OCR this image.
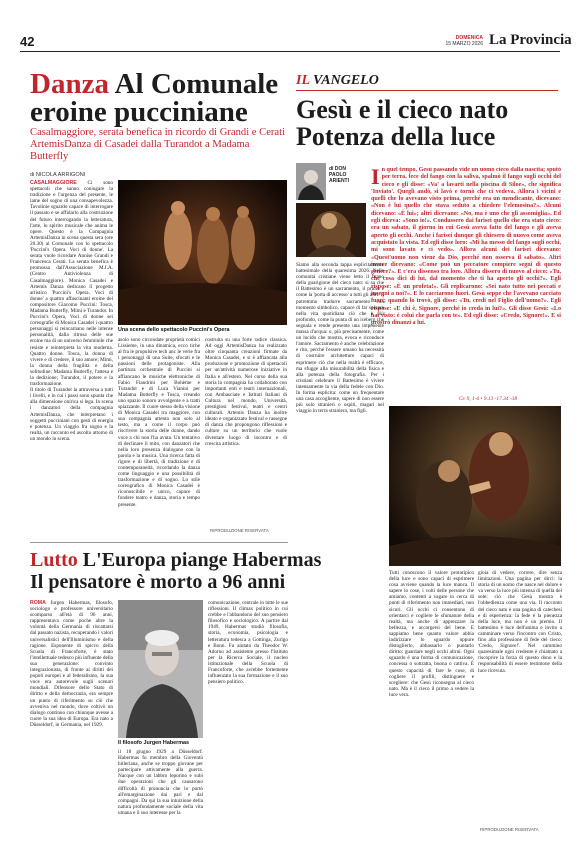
42	DOMENICA
15 MARZO 2026 La Provincia
Danza Al Comunale
eroine pucciniane
Casalmaggiore, serata benefica in ricordo di Grandi e Cerati ArtemisDanza di Casadei dalla Turandot a Madama Butterfly
di NICOLA ARRIGONI
CASALMAGGIORE Ci sono spettacoli che sanno coniugare la tradizione e l'urgenza del presente, le lame del sogno di una consapevolezza. Tavolinie sguardo capace di interrogare il passato e se affidarlo alla costruzione del futuro interrogando la letteratura, l'arte, lo spirito musicale che anima le opere. Questo è la Compagnia ArtemisDanza in scena questa sera (ore 20.30) al Comunale con lo spettacolo 'Puccini's Opera. Voci di donne'. La serata vuole ricordare Annise Grandi e Francesca Cerati. La serata benefica è promossa dall'Associazione M.I.A. (Centro Antiviolenza di Casalmaggiore). Monica Casadei e Artemis Danza dedicano il progetto artistico 'Puccini's Opera. Voci di donne' a quattro affascinanti eroine del compositore Giacomo Puccini: Tosca, Madama Butterfly, Mimì e Turandot. In Puccini's Opera, Voci di donne sei coreografie di Monica Casadei i quattro personaggi si reincarnano nelle intense personalità, dalla ritrosa delle sue eroine ma di un universo femminile che resiste e reinterpreta la vita moderna. Quattro donne. Tosca, la donna di vivere e di credere, il suo amore; Mimì, la donna della fragilità e della solitudine; Madama Butterfly, l'attesa e la dedizione; Turandot, il potere e la trasformazione.
Il titolo di Turandot la attraversa a tutti i livelli, e in cui i passi sono spunta che alla dimensione onirica si lega. In scena i danzatori della compagnia ArtemisDanza, che interpretano i soggetti pucciniani con gesti di energia e potenza. Un viaggio fra sogno e la realtà, un racconto ed ascolto attorno di un mondo in scena.
Una scena dello spettacolo Puccini's Opera
asolo sono circondate proprietà comici Lissieme, in una dinamica, ecco tiche al fra le propulsive tech anc le verie fra i personaggi di una Suite, sfocati e le passioni delle protagoniste. Alla partitura orchestrale di Puccini si affiancano le musiche elettroniche di Fabio Fiandrini per Bohème e Turandot e di Luca Vianini per Madama Butterfly e Tosca, creando uno spazio sonoro avvolgente e a tratti spiazzante. Il cuore stesso della visione di Monica Casadei tra maggiore, con sua compagnia attenta non solo al testo, ma a come il corpo può riscrivere la storia delle donne, dando voce a chi non l'ha avuta. Un tentativo di declinare il mito, con danzatori che nella loro presenza dialogano con la parola e la musica. Una ricerca fatta di rigore e di libertà, di tradizione e di contemporaneità, ricordando la danza come linguaggio e una possibilità di trasformazione e di sogno. Lo stile coreografico di Monica Casadei è riconoscibile e unico, capace di fondere teatro e danza, storia e tempo presente.
costruita su una forte radice classica. Ad oggi ArtemisDanza ha realizzato oltre cinquanta creazioni firmate da Monica Casadei, e si è affiancata alla produzione e promozione di spettacoli per un'attività numerose iniziative in Italia e all'estero. Nel corso della sua storia la compagnia ha collaborato con importanti enti e teatri internazionali, con Ambasciate e Istituti Italiani di Cultura nel mondo, Università, prestigiosi festival, teatri e centri culturali. Artemis Danza ha inoltre ideato e organizzato festival e rassegne di danza che propongono riflessioni e culture su un territorio che vuole diventare luogo di incontro e di crescita artistica.
RIPRODUZIONE RISERVATA
Lutto L'Europa piange Habermas
Il pensatore è morto a 96 anni
ROMA Jurgen Habermas, filosofo, sociologo e professore universitario scomparso all'età di 96 anni, rappresentava come poche altre la volontà della Germania di riscattarsi dal passato nazista, recuperando i valori universalistici dell'Illuminismo e della ragione. Esponente di spicco della Scuola di Francoforte, è stato l'intellettuale tedesco più influente della sua generazione: convinto integrazionista, di fronte ai diritti dei popoli europei e al federalismo, la sua voce era autorevole sugli scenari mondiali. Difensore dello Stato di diritto e della democrazia, era sempre un punto di riferimento su ciò che avveniva nel mondo, dove coltivò un dialogo continuo con chiunque avesse a cuore la sua idea di Europa. Era nato a Düsseldorf, in Germania, nel 1929.
Il filosofo Jurgen Habermas
il 18 giugno 1929 a Düsseldorf. Habermas fu membro della Gioventù hitleriana, anche se troppo giovane per partecipare attivamente alla guerra. Nacque con un labbro leporino e subì due operazioni che gli causarono difficoltà di pronuncia che lo portò all'emarginazione dai pari e dal compagni. Da qui la sua intuizione della natura profondamente sociale della vita umana e il suo interesse per la
comunicazione, centrale in tutte le sue riflessioni. Il climax politico in cui crebbe e l'abbandono del suo pensiero filosofico e sociologico. A partire dal 1949, Habermas studiò filosofia, storia, economia, psicologia e letteratura tedesca a Gottinga, Zurigo e Bonn. Fu aiutato da Theodor W. Adorno ad assistente presso l'Istituto per la Ricerca Sociale, il nucleo istituzionale della Scuola di Francoforte, che avrebbe fortemente influenzato la sua formazione e il suo pensiero politico.
IL VANGELO
Gesù e il cieco nato Potenza della luce
di DON PAOLO ARIENTI	In quel tempo, Gesù passando vide un uomo cieco dalla nascita; sputò per terra, fece del fango con la saliva, spalmò il fango sugli occhi del cieco e gli disse: «Va' a lavarti nella piscina di Siloe», che significa 'Inviato'. Quegli andò, si lavò e tornò che ci vedeva. Allora i vicini e quelli che lo avevano visto prima, perché era un mendicante, dicevano: «Non è lui quello che stava seduto a chiedere l'elemosina?». Alcuni dicevano: «È lui»; altri dicevano: «No, ma è uno che gli assomiglia». Ed egli diceva: «Sono io!». Condussero dai farisei quello che era stato cieco: era un sabato, il giorno in cui Gesù aveva fatto del fango e gli aveva aperto gli occhi. Anche i farisei dunque gli chiesero di nuovo come aveva acquistato la vista. Ed egli disse loro: «Mi ha messo del fango sugli occhi, mi sono lavato e ci vedo». Allora alcuni dei farisei dicevano: «Quest'uomo non viene da Dio, perché non osserva il sabato». Altri invece dicevano: «Come può un peccatore compiere segni di questo genere?». E c'era dissenso tra loro. Allora dissero di nuovo al cieco: «Tu, che cosa dici di lui, dal momento che ti ha aperto gli occhi?». Egli rispose: «È un profeta!». Gli replicarono: «Sei nato tutto nei peccati e insegni a noi?». E lo cacciarono fuori. Gesù seppe che l'avevano cacciato fuori; quando lo trovò, gli disse: «Tu, credi nel Figlio dell'uomo?». Egli rispose: «E chi è, Signore, perché io creda in lui?». Gli disse Gesù: «Lo hai visto: è colui che parla con te». Ed egli disse: «Credo, Signore!». E si prostrò dinanzi a lui.
Gv 9, 1-6 • 9.13 -17.34 -38
Siamo alla seconda tappa esplicitamente battesimale della quaresima 2026. Nelle comunità cristiane viene letto il brano della guarigione del cieco nato: si sa che il Battesimo è un sacramento, il primo e come la 'porta di accesso' a tutti gli altri. Il potremmo tradurre sacramento con momento simbolico, capace di far sperare nella vita quotidiana ciò che è più profondo, come la punta di un iceberg che segnala e rende presente una imponente massa d'acqua: o, più precisamente, come un lucido che mostra, evoca e riconduce l'amore. Sacramento è anche celebrazione e rito, perché l'essere umano ha necessità di costruire architetture capaci di esprimere ciò che nella realtà è efficace, ma sfugge alla misurabilità della fisica e alla potenza della fotografia. Per i cristiani celebrare il Battesimo è vivere intensamente la via della fedele con Dio. In forma esplicita: come un frequentare una casa accogliente, sapere di non essere più solo stranieri o ospiti, magari nel viaggio in terra straniera, ma figli.
Tutti conoscono il valore prototipico della luce e sono capaci di esprimere cosa avviene quando la luce manca. Il sapere lo cose, i volti delle persone che amiamo, contenti a vagare in cerca di punti di riferimento non immediati, non sicuri. Gli occhi ci consentono di orientarci e cogliere le sfumature della realtà, ma anche di apprezzare la bellezza, e accorgersi del bene. E sappiamo bene quanto valore abbia indirizzare lo sguardo oppure distoglierlo, abbassarlo o puntarlo diritto: guardare negli occhi altrui. Ogni sguardo è una forma di comunicazione, concessa o sottratta, buona o cattiva. È questo capacità di fare le cose, di cogliere il profili, distinguere e scegliere: che Gesù riconsegna al cieco nato. Ma è il cieco il primo a vedere la luce vera.
gioia di vedere, correre, dire senza limitazioni. Una pagina per dirci: la storia di un uomo che nasce nel dolore e va verso la luce più intensa di quella del sole: ciò che Gesù mostra è l'obbedienza come una via. Il racconto del cieco nato è una pagina di catechesi e di esperienza: la fede è la pienezza della luce, ma non è un premio. Il battesimo è luce dell'anima e invito a camminare verso l'incontro con Cristo, fino alla professione di fede del cieco: 'Credo, Signore!'. Nel cammino quaresimale ogni credente è chiamato a riscoprire la forza di questo dono e la responsabilità di essere testimone della luce ricevuta.
RIPRODUZIONE RISERVATA
